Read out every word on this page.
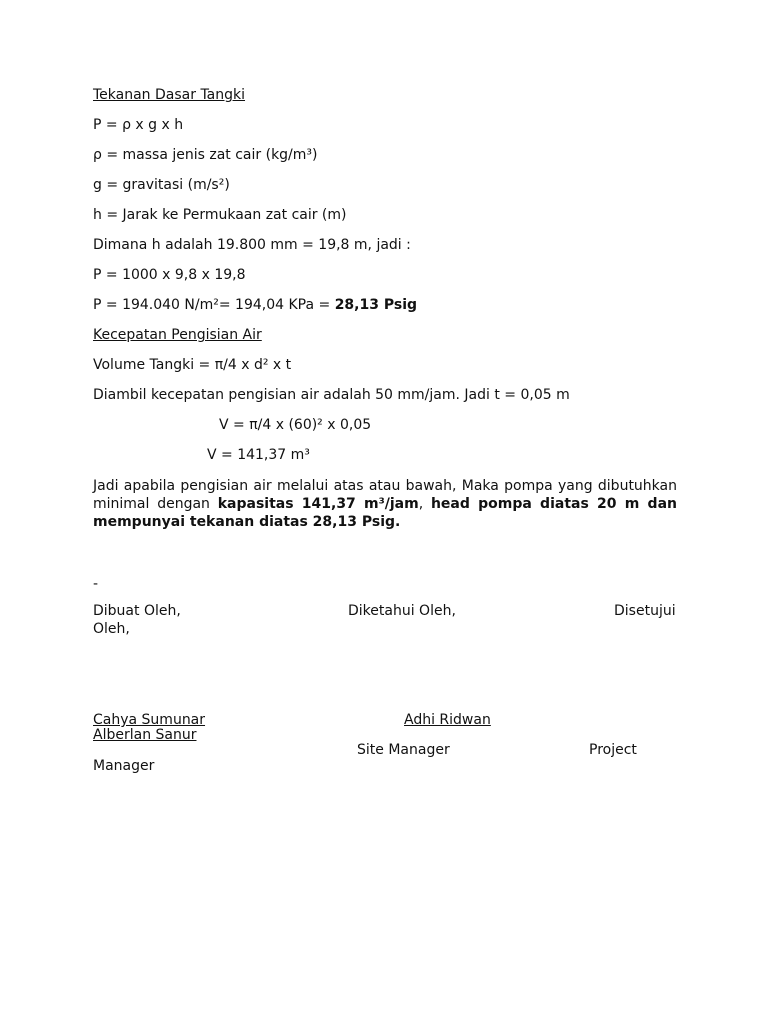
Tekanan Dasar Tangki
P = ρ x g x h
ρ = massa jenis zat cair (kg/m³)
g = gravitasi (m/s²)
h = Jarak ke Permukaan zat cair (m)
Dimana h adalah 19.800 mm = 19,8 m, jadi :
P = 1000 x 9,8 x 19,8
P = 194.040 N/m²= 194,04 KPa = 28,13 Psig
Kecepatan Pengisian Air
Volume Tangki = π/4 x d² x t
Diambil kecepatan pengisian air adalah 50 mm/jam. Jadi t = 0,05 m
V = π/4 x (60)² x 0,05
V = 141,37 m³
Jadi apabila pengisian air melalui atas atau bawah, Maka pompa yang dibutuhkan minimal dengan kapasitas 141,37 m³/jam, head pompa diatas 20 m dan mempunyai tekanan diatas 28,13 Psig.
-
Dibuat Oleh,	Diketahui Oleh,	Disetujui
Oleh,
Cahya Sumunar	Adhi Ridwan
Alberlan Sanur
Site Manager	Project
Manager
